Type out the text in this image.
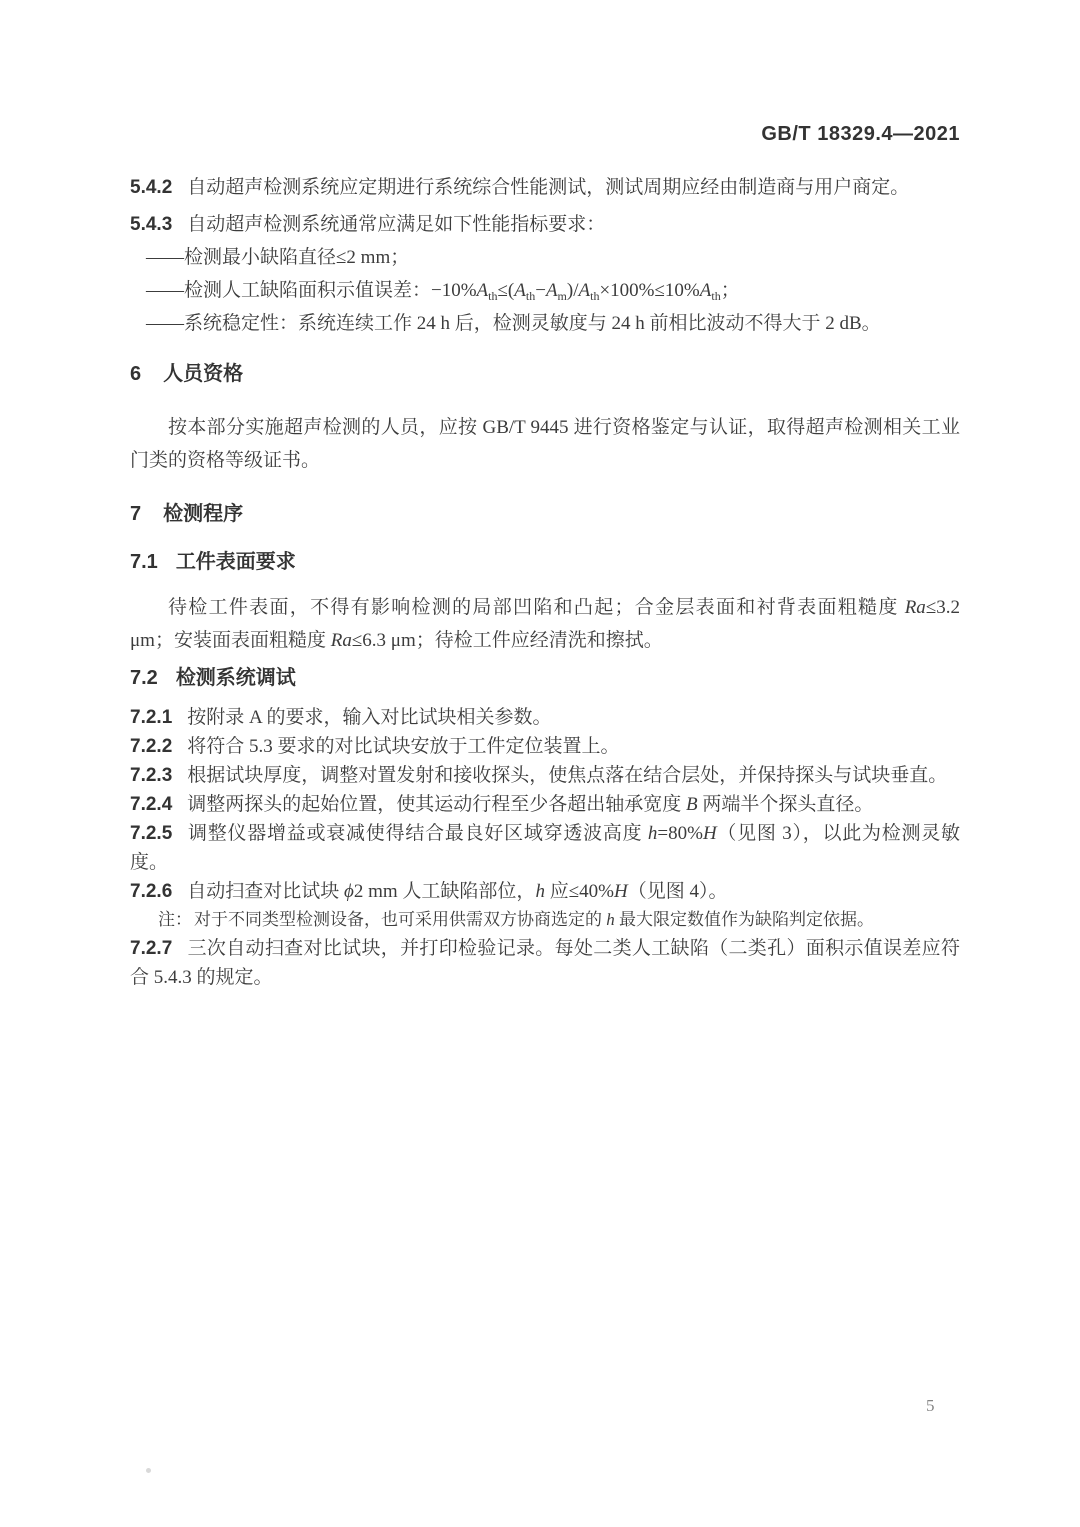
GB/T 18329.4—2021
5.4.2 自动超声检测系统应定期进行系统综合性能测试，测试周期应经由制造商与用户商定。
5.4.3 自动超声检测系统通常应满足如下性能指标要求：
——检测最小缺陷直径≤2 mm；
——检测人工缺陷面积示值误差：$-10\%A_{th}\le(A_{th}-A_m)/A_{th}\times 100\%\le 10\%A_{th}$；
——系统稳定性：系统连续工作 24 h 后，检测灵敏度与 24 h 前相比波动不得大于 2 dB。
6 人员资格
按本部分实施超声检测的人员，应按 GB/T 9445 进行资格鉴定与认证，取得超声检测相关工业门类的资格等级证书。
7 检测程序
7.1 工件表面要求
待检工件表面，不得有影响检测的局部凹陷和凸起；合金层表面和衬背表面粗糙度 Ra≤3.2 μm；安装面表面粗糙度 Ra≤6.3 μm；待检工件应经清洗和擦拭。
7.2 检测系统调试
7.2.1 按附录 A 的要求，输入对比试块相关参数。
7.2.2 将符合 5.3 要求的对比试块安放于工件定位装置上。
7.2.3 根据试块厚度，调整对置发射和接收探头，使焦点落在结合层处，并保持探头与试块垂直。
7.2.4 调整两探头的起始位置，使其运动行程至少各超出轴承宽度 B 两端半个探头直径。
7.2.5 调整仪器增益或衰减使得结合最良好区域穿透波高度 h=80%H（见图 3），以此为检测灵敏度。
7.2.6 自动扫查对比试块 ϕ2 mm 人工缺陷部位，h 应≤40%H（见图 4）。
注： 对于不同类型检测设备，也可采用供需双方协商选定的 h 最大限定数值作为缺陷判定依据。
7.2.7 三次自动扫查对比试块，并打印检验记录。每处二类人工缺陷（二类孔）面积示值误差应符合 5.4.3 的规定。
5
